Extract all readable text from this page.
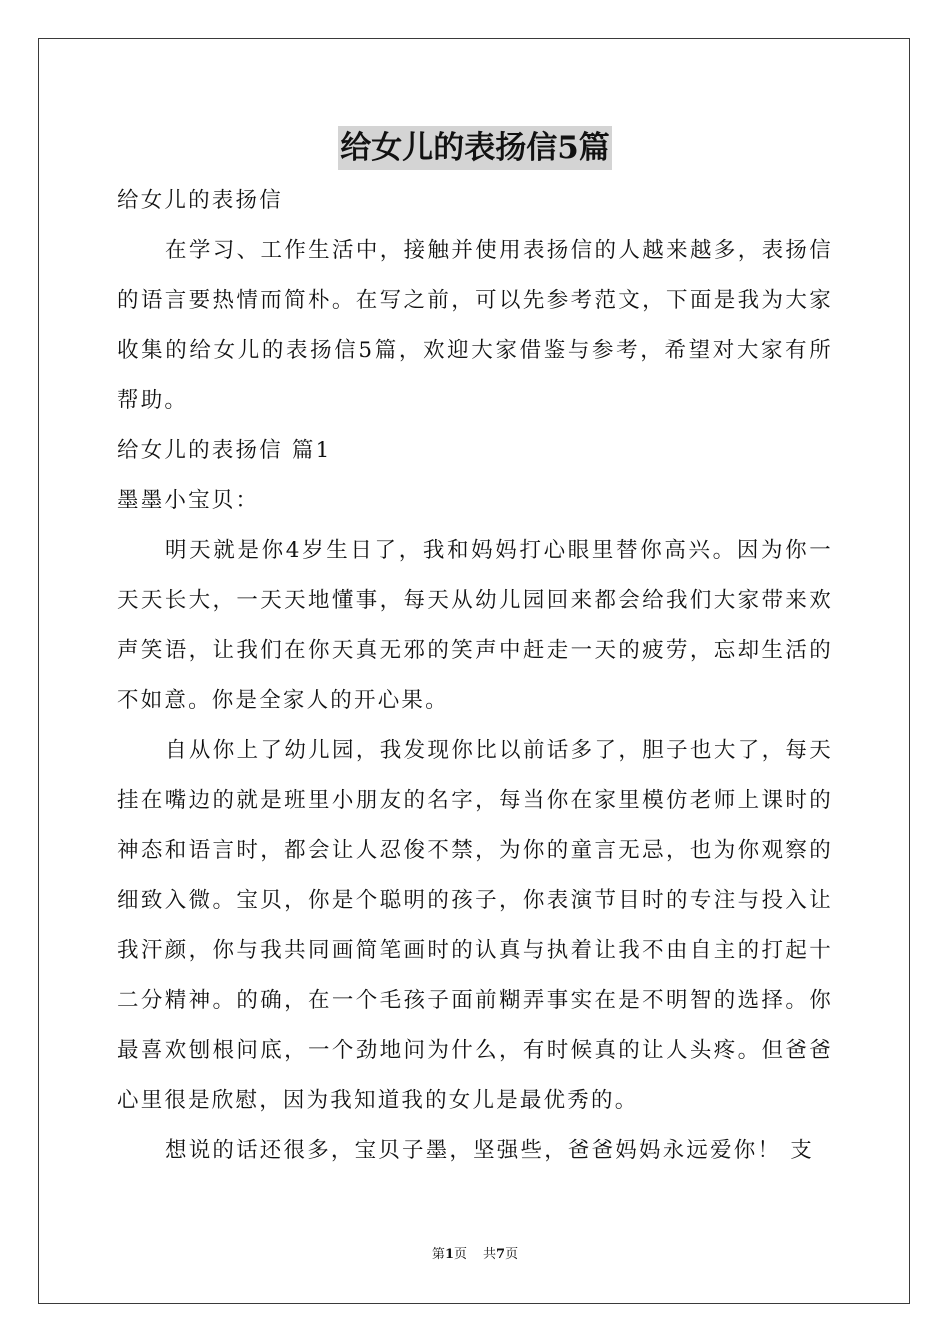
给女儿的表扬信5篇

给女儿的表扬信

在学习、工作生活中，接触并使用表扬信的人越来越多，表扬信的语言要热情而简朴。在写之前，可以先参考范文，下面是我为大家收集的给女儿的表扬信5篇，欢迎大家借鉴与参考，希望对大家有所帮助。

给女儿的表扬信 篇1

墨墨小宝贝：

明天就是你4岁生日了，我和妈妈打心眼里替你高兴。因为你一天天长大，一天天地懂事，每天从幼儿园回来都会给我们大家带来欢声笑语，让我们在你天真无邪的笑声中赶走一天的疲劳，忘却生活的不如意。你是全家人的开心果。

自从你上了幼儿园，我发现你比以前话多了，胆子也大了，每天挂在嘴边的就是班里小朋友的名字，每当你在家里模仿老师上课时的神态和语言时，都会让人忍俊不禁，为你的童言无忌，也为你观察的细致入微。宝贝，你是个聪明的孩子，你表演节目时的专注与投入让我汗颜，你与我共同画简笔画时的认真与执着让我不由自主的打起十二分精神。的确，在一个毛孩子面前糊弄事实在是不明智的选择。你最喜欢刨根问底，一个劲地问为什么，有时候真的让人头疼。但爸爸心里很是欣慰，因为我知道我的女儿是最优秀的。

想说的话还很多，宝贝子墨，坚强些，爸爸妈妈永远爱你！ 支

第1页 共7页
